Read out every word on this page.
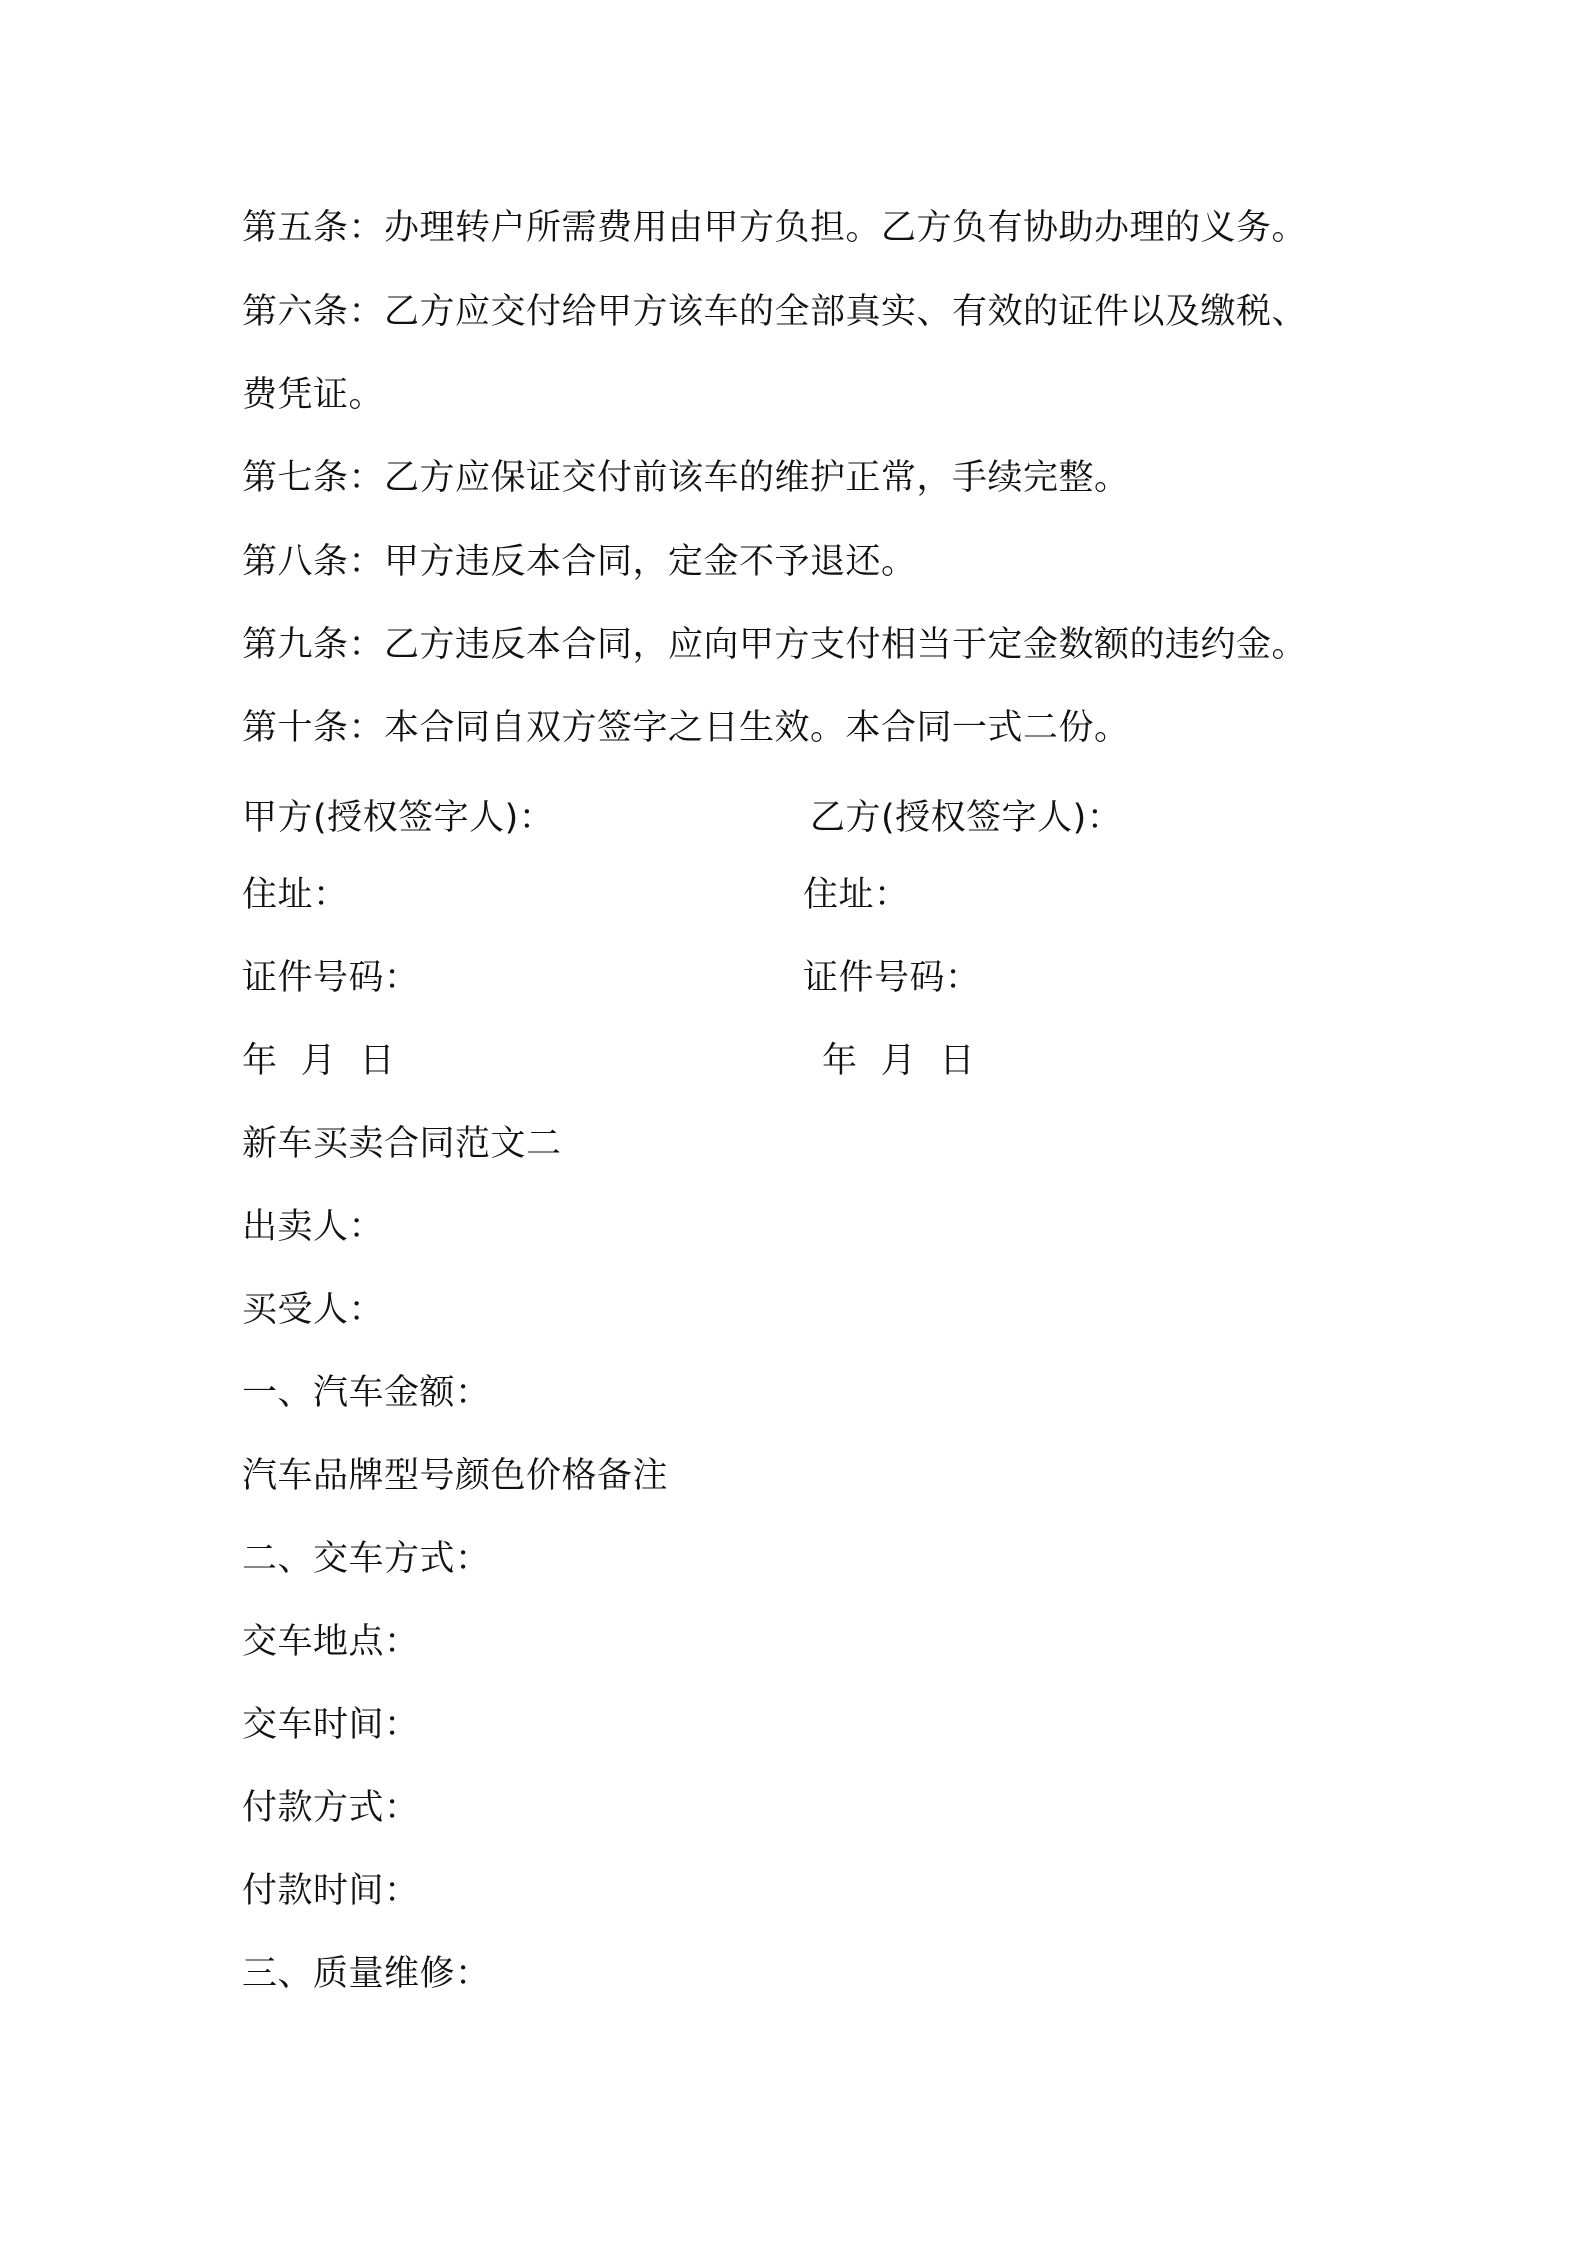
第五条：办理转户所需费用由甲方负担。乙方负有协助办理的义务。
第六条：乙方应交付给甲方该车的全部真实、有效的证件以及缴税、
费凭证。
第七条：乙方应保证交付前该车的维护正常，手续完整。
第八条：甲方违反本合同，定金不予退还。
第九条：乙方违反本合同，应向甲方支付相当于定金数额的违约金。
第十条：本合同自双方签字之日生效。本合同一式二份。
甲方(授权签字人)：	乙方(授权签字人)：
住址：	住址：
证件号码：	证件号码：
年  月  日	年  月  日
新车买卖合同范文二
出卖人：
买受人：
一、汽车金额：
汽车品牌型号颜色价格备注
二、交车方式：
交车地点：
交车时间：
付款方式：
付款时间：
三、质量维修：
